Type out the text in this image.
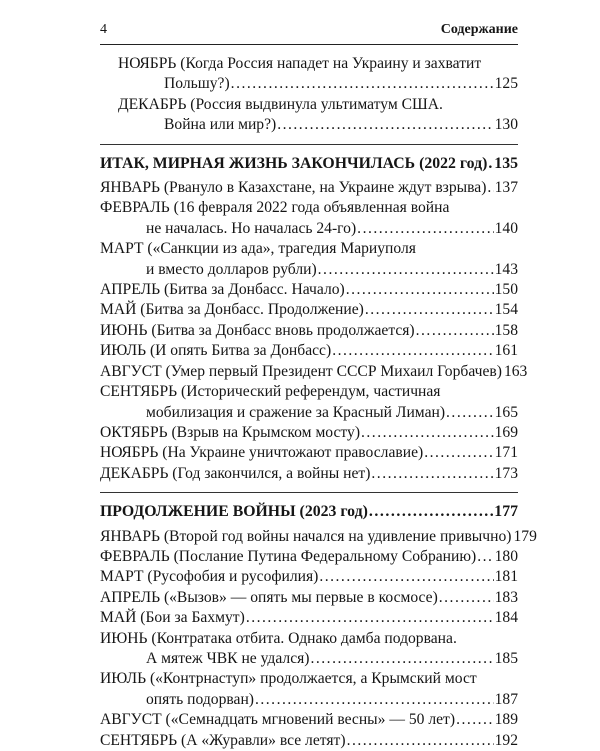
4	Содержание
НОЯБРЬ (Когда Россия нападет на Украину и захватит
Польшу?) . . .	125
ДЕКАБРЬ (Россия выдвинула ультиматум США.
Война или мир?) . . .	130
ИТАК, МИРНАЯ ЖИЗНЬ ЗАКОНЧИЛАСЬ (2022 год) . . . 135
ЯНВАРЬ (Рвануло в Казахстане, на Украине ждут взрыва) . . . 137
ФЕВРАЛЬ (16 февраля 2022 года объявленная война
не началась. Но началась 24-го) . . .	140
МАРТ («Санкции из ада», трагедия Мариуполя
и вместо долларов рубли) . . .	143
АПРЕЛЬ (Битва за Донбасс. Начало) . . .	150
МАЙ (Битва за Донбасс. Продолжение) . . .	154
ИЮНЬ (Битва за Донбасс вновь продолжается) . . .	158
ИЮЛЬ (И опять Битва за Донбасс) . . .	161
АВГУСТ (Умер первый Президент СССР Михаил Горбачев) 163
СЕНТЯБРЬ (Исторический референдум, частичная
мобилизация и сражение за Красный Лиман) . . .	165
ОКТЯБРЬ (Взрыв на Крымском мосту) . . .	169
НОЯБРЬ (На Украине уничтожают православие) . . .	171
ДЕКАБРЬ (Год закончился, а войны нет) . . .	173
ПРОДОЛЖЕНИЕ ВОЙНЫ (2023 год) . . .	177
ЯНВАРЬ (Второй год войны начался на удивление привычно) 179
ФЕВРАЛЬ (Послание Путина Федеральному Собранию) . . . 180
МАРТ (Русофобия и русофилия) . . .	181
АПРЕЛЬ («Вызов» — опять мы первые в космосе) . . .	183
МАЙ (Бои за Бахмут) . . .	184
ИЮНЬ (Контратака отбита. Однако дамба подорвана.
А мятеж ЧВК не удался) . . .	185
ИЮЛЬ («Контрнаступ» продолжается, а Крымский мост
опять подорван) . . .	187
АВГУСТ («Семнадцать мгновений весны» — 50 лет) . . .	189
СЕНТЯБРЬ (А «Журавли» все летят) . . .	192
